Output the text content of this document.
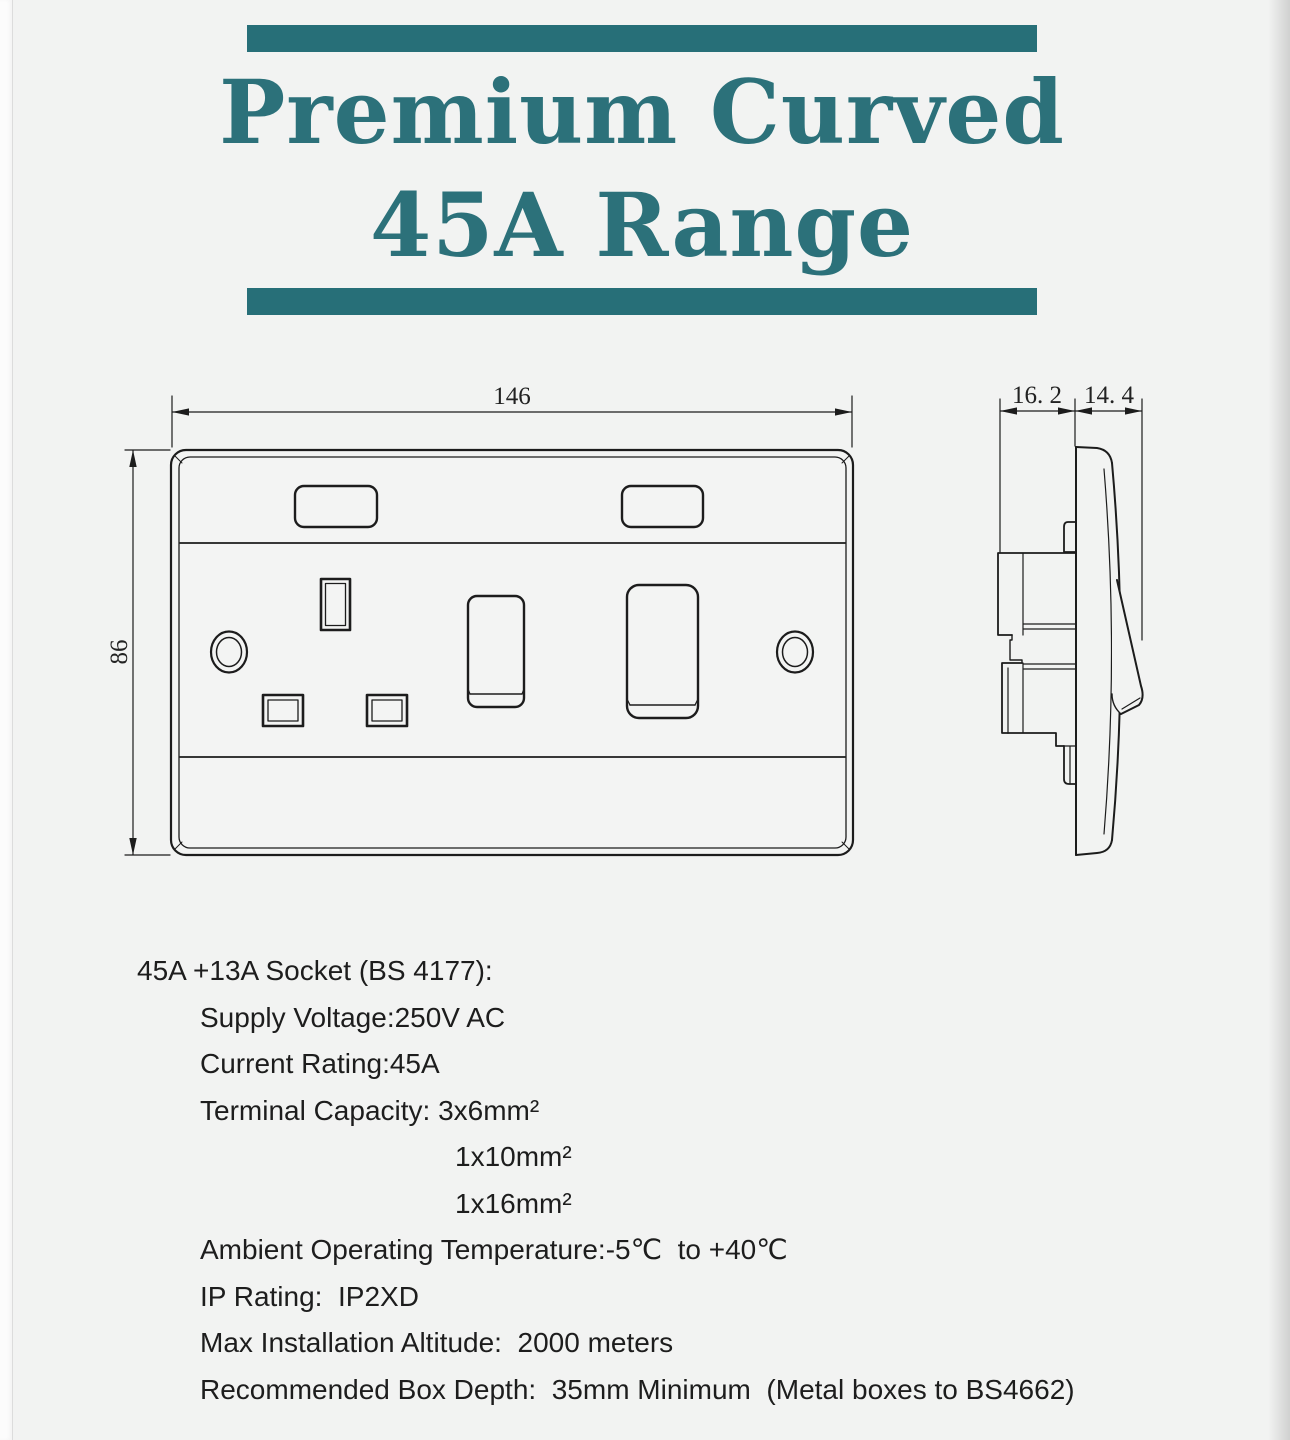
Premium Curved
45A Range
146
86
16. 2 14. 4
45A +13A Socket (BS 4177):
Supply Voltage:250V AC
Current Rating:45A
Terminal Capacity: 3x6mm²
1x10mm²
1x16mm²
Ambient Operating Temperature:-5℃  to +40℃
IP Rating:  IP2XD
Max Installation Altitude:  2000 meters
Recommended Box Depth:  35mm Minimum  (Metal boxes to BS4662)
